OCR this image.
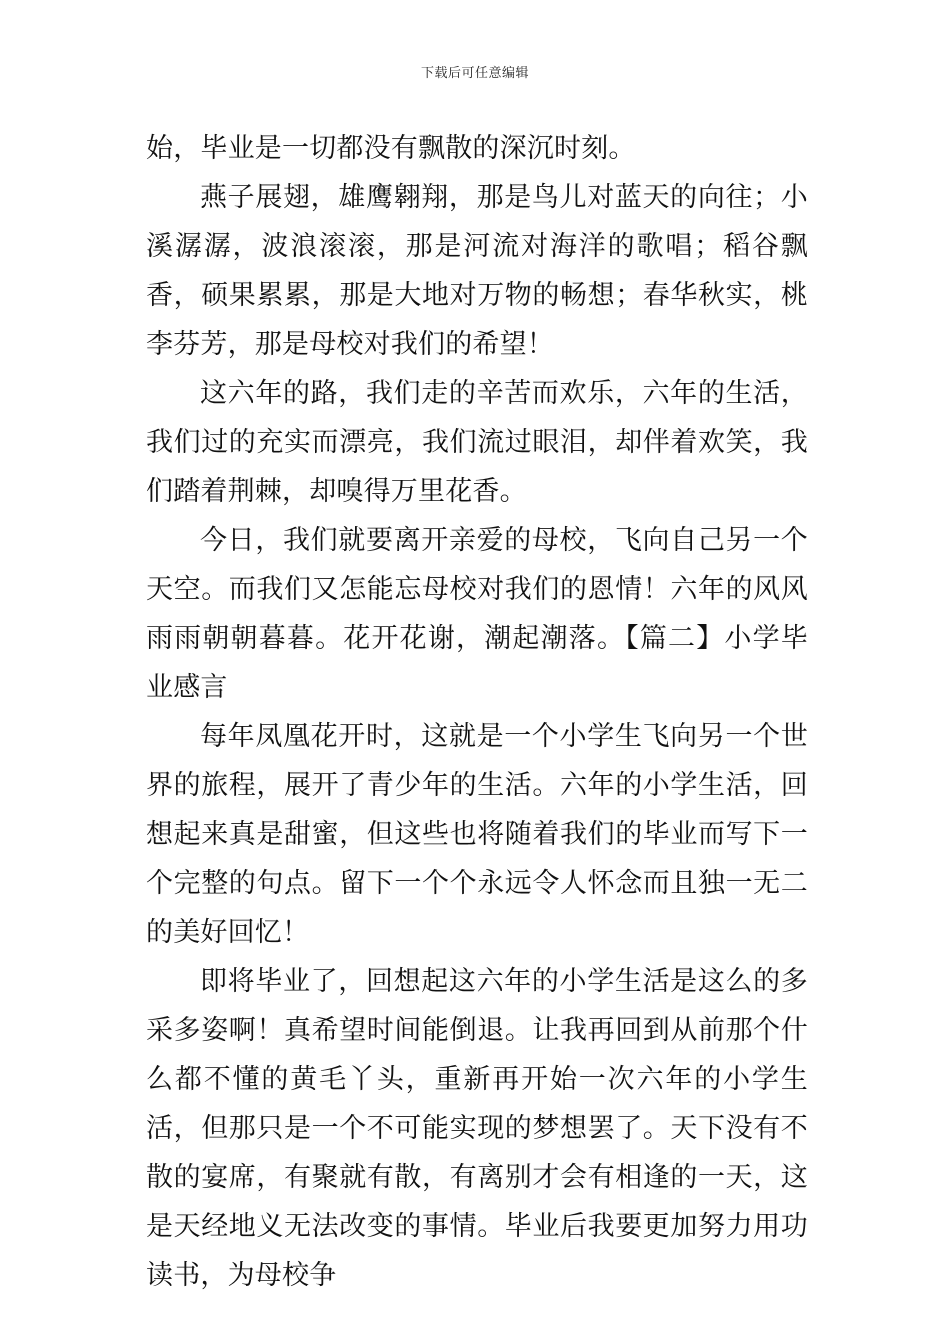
下载后可任意编辑

始，毕业是一切都没有飘散的深沉时刻。

燕子展翅，雄鹰翱翔，那是鸟儿对蓝天的向往；小溪潺潺，波浪滚滚，那是河流对海洋的歌唱；稻谷飘香，硕果累累，那是大地对万物的畅想；春华秋实，桃李芬芳，那是母校对我们的希望！

这六年的路，我们走的辛苦而欢乐，六年的生活，我们过的充实而漂亮，我们流过眼泪，却伴着欢笑，我们踏着荆棘，却嗅得万里花香。

今日，我们就要离开亲爱的母校，飞向自己另一个天空。而我们又怎能忘母校对我们的恩情！六年的风风雨雨朝朝暮暮。花开花谢，潮起潮落。【篇二】小学毕业感言

每年凤凰花开时，这就是一个小学生飞向另一个世界的旅程，展开了青少年的生活。六年的小学生活，回想起来真是甜蜜，但这些也将随着我们的毕业而写下一个完整的句点。留下一个个永远令人怀念而且独一无二的美好回忆！

即将毕业了，回想起这六年的小学生活是这么的多采多姿啊！真希望时间能倒退。让我再回到从前那个什么都不懂的黄毛丫头，重新再开始一次六年的小学生活，但那只是一个不可能实现的梦想罢了。天下没有不散的宴席，有聚就有散，有离别才会有相逢的一天，这是天经地义无法改变的事情。毕业后我要更加努力用功读书，为母校争
